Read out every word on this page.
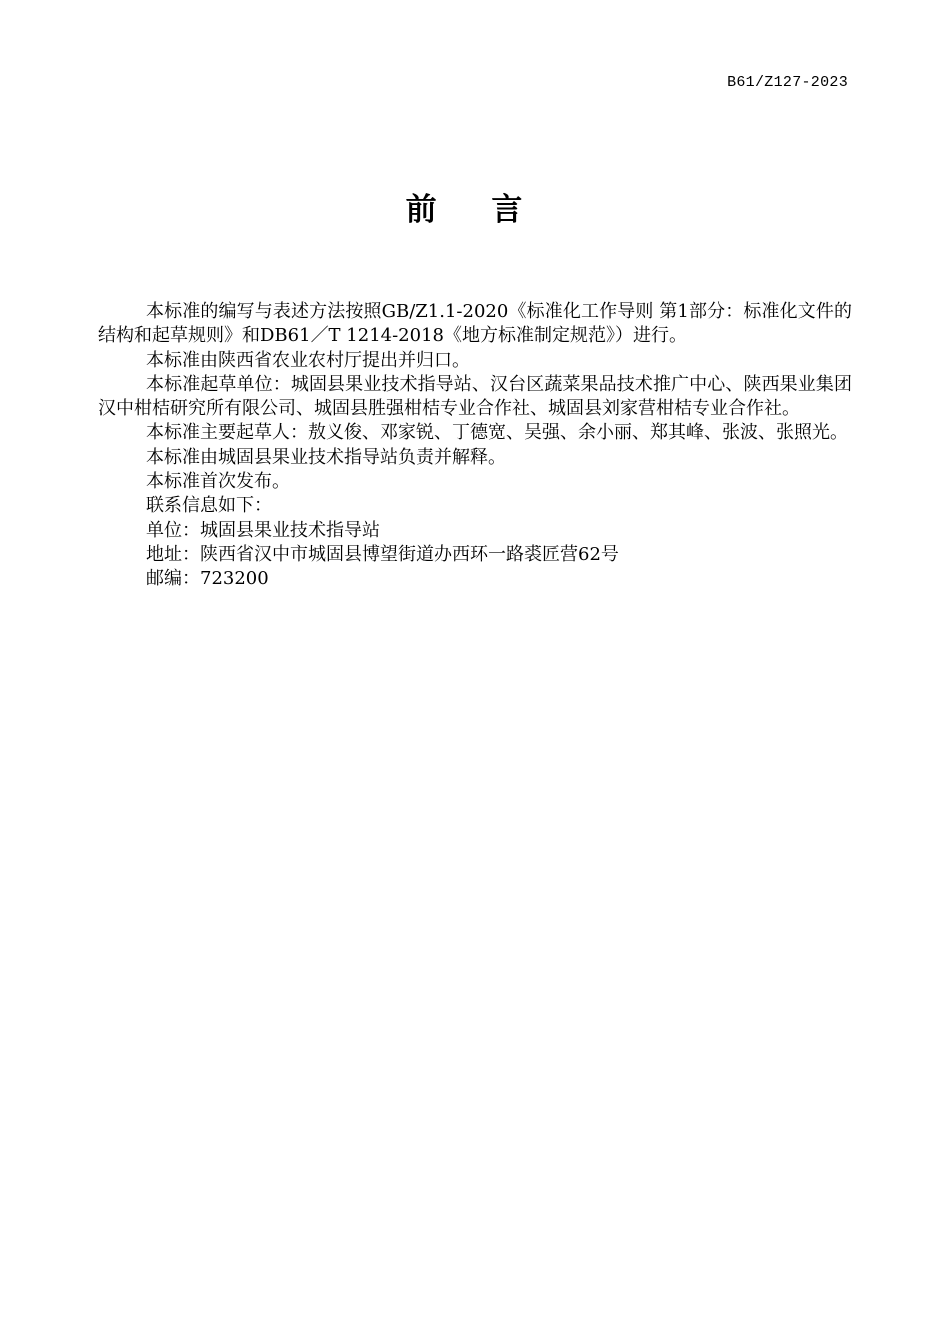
B61/Z127-2023
前 言

本标准的编写与表述方法按照GB/Z1.1-2020《标准化工作导则 第1部分：标准化文件的结构和起草规则》和DB61／T 1214-2018《地方标准制定规范》）进行。

本标准由陕西省农业农村厅提出并归口。

本标准起草单位：城固县果业技术指导站、汉台区蔬菜果品技术推广中心、陕西果业集团汉中柑桔研究所有限公司、城固县胜强柑桔专业合作社、城固县刘家营柑桔专业合作社。

本标准主要起草人：敖义俊、邓家锐、丁德宽、吴强、余小丽、郑其峰、张波、张照光。

本标准由城固县果业技术指导站负责并解释。

本标准首次发布。

联系信息如下：

单位：城固县果业技术指导站

地址：陕西省汉中市城固县博望街道办西环一路裘匠营62号

邮编：723200
